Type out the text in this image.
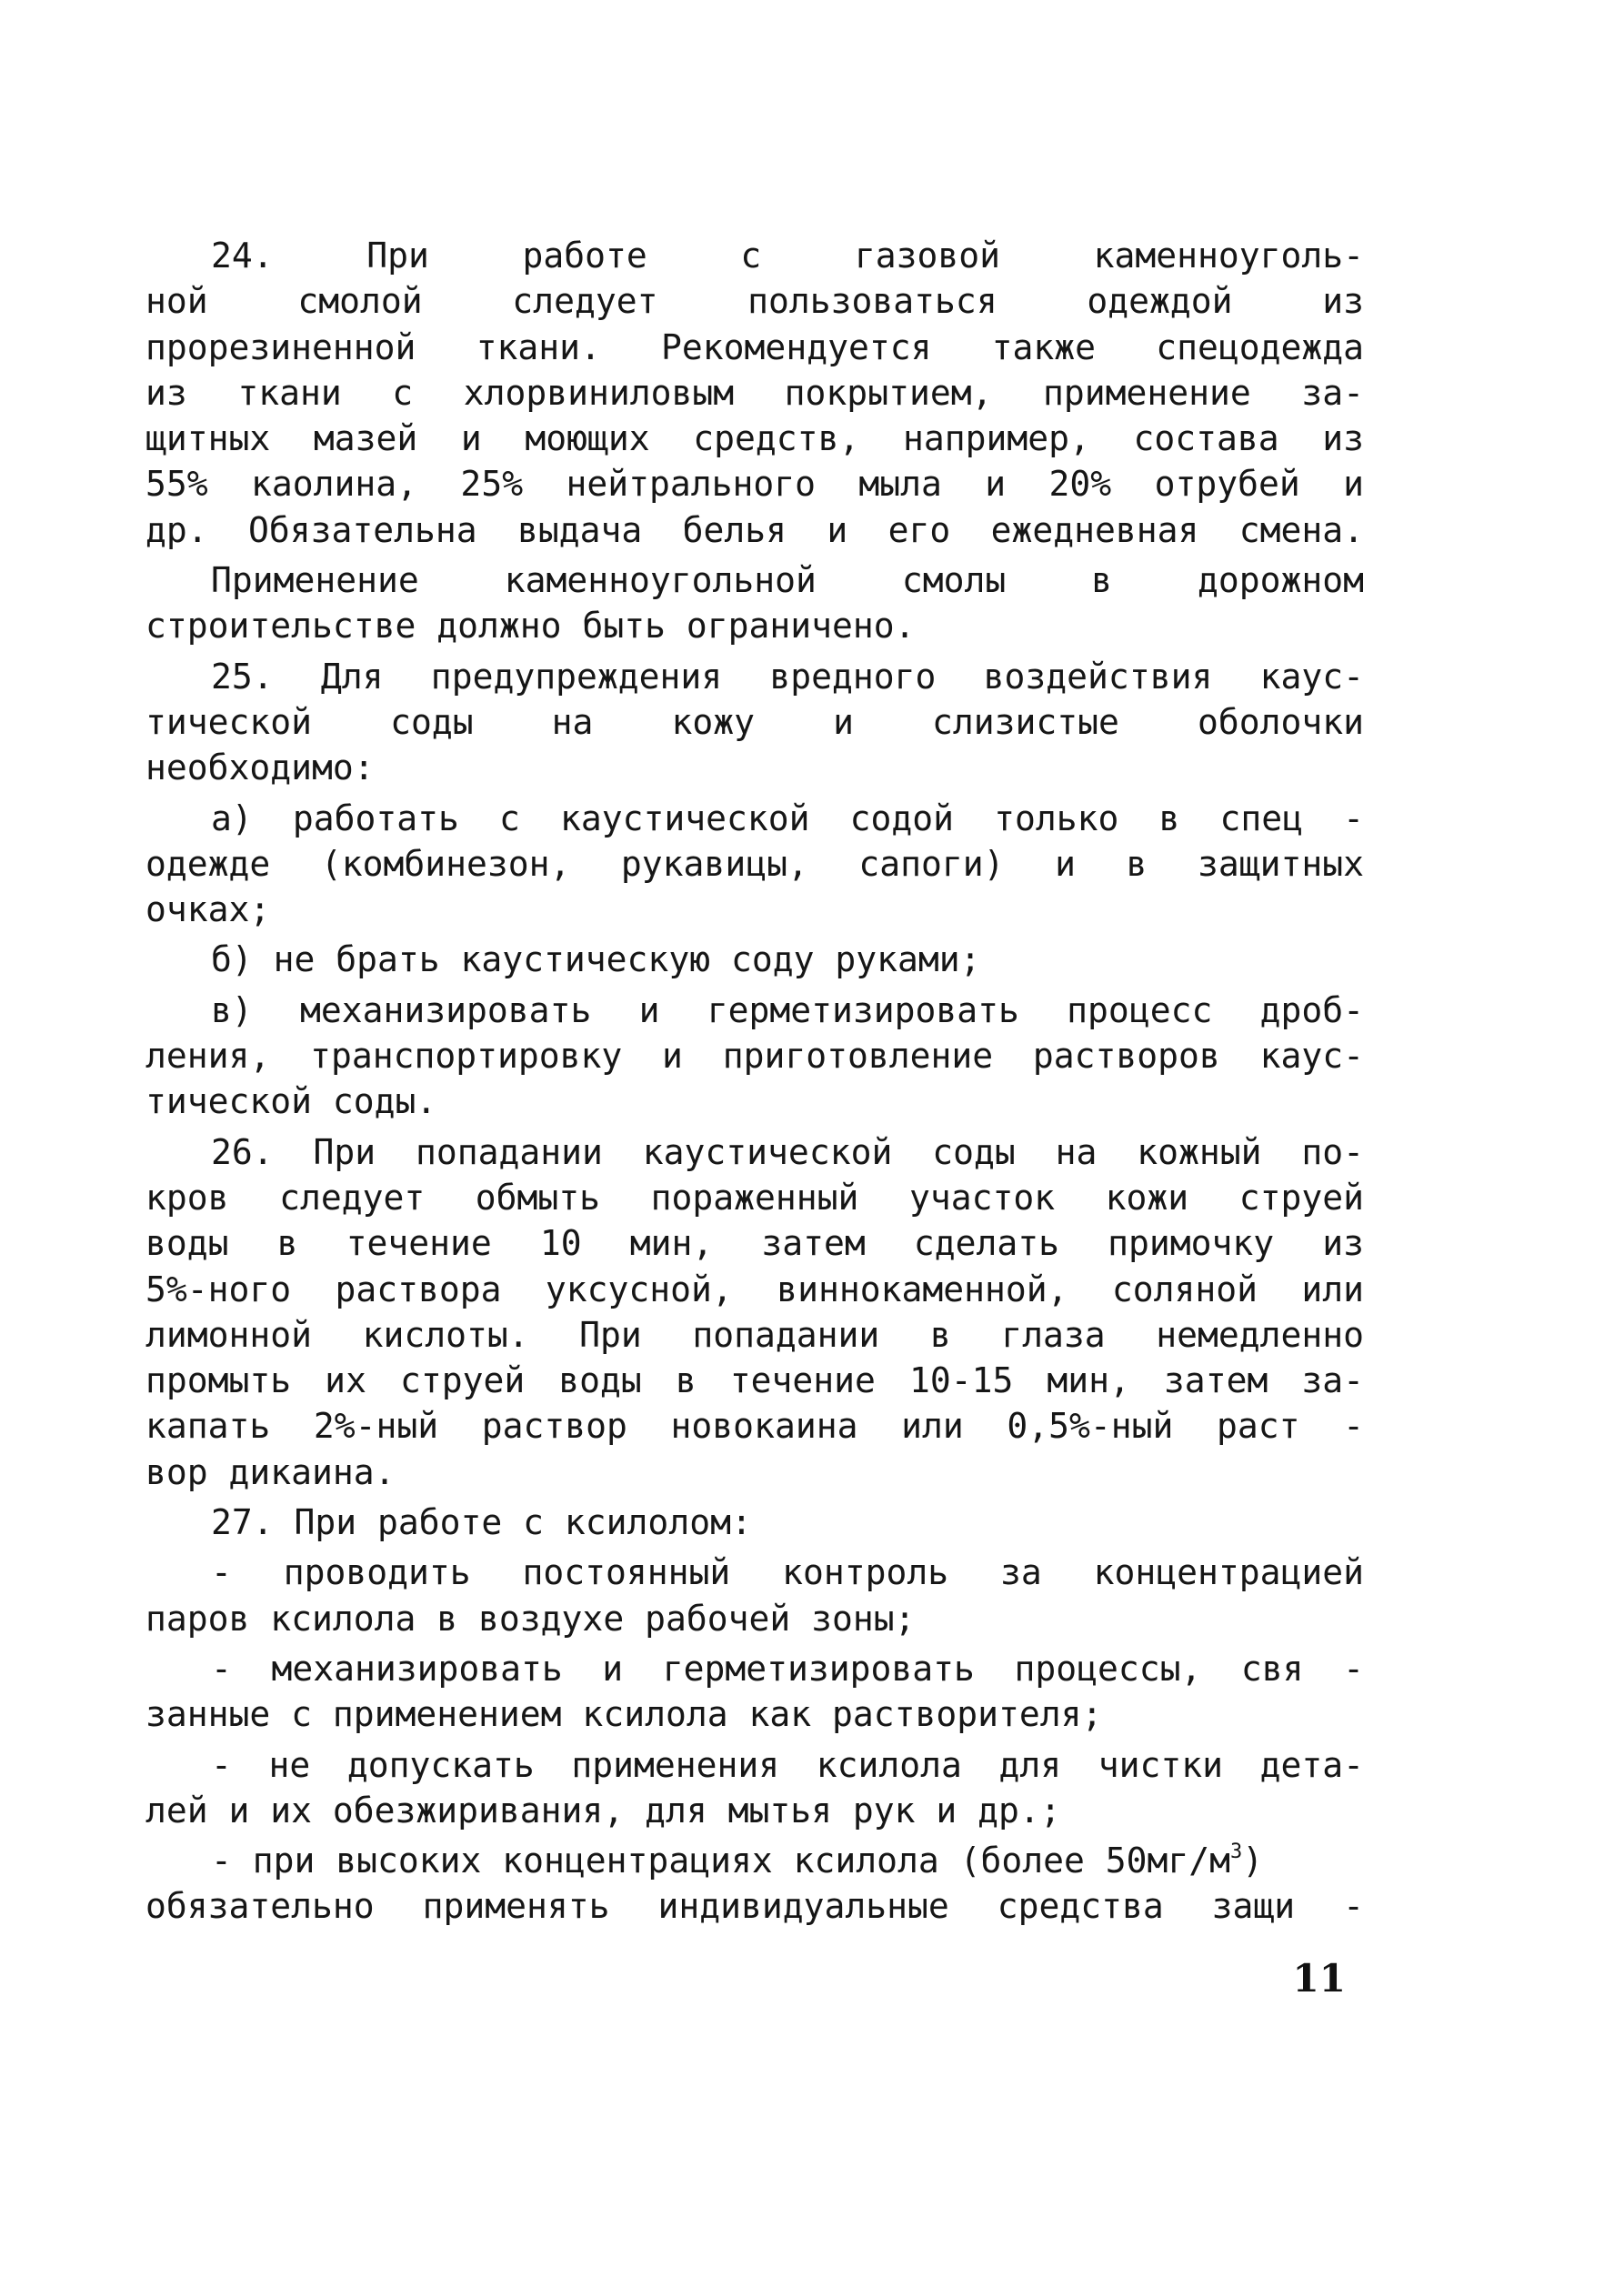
24. При работе с газовой каменноуголь-
ной смолой следует пользоваться одеждой из
прорезиненной ткани. Рекомендуется также спецодежда
из ткани с хлорвиниловым покрытием, применение за-
щитных мазей и моющих средств, например, состава из
55% каолина, 25% нейтрального мыла и 20% отрубей и
др. Обязательна выдача белья и его ежедневная смена.
Применение каменноугольной смолы в дорожном
строительстве должно быть ограничено.
25. Для предупреждения вредного воздействия каус-
тической соды на кожу и слизистые оболочки
необходимо:
а) работать с каустической содой только в спец -
одежде (комбинезон, рукавицы, сапоги) и в защитных
очках;
б) не брать каустическую соду руками;
в) механизировать и герметизировать процесс дроб-
ления, транспортировку и приготовление растворов каус-
тической соды.
26. При попадании каустической соды на кожный по-
кров следует обмыть пораженный участок кожи струей
воды в течение 10 мин, затем сделать примочку из
5%-ного раствора уксусной, виннокаменной, соляной или
лимонной кислоты. При попадании в глаза немедленно
промыть их струей воды в течение 10-15 мин, затем за-
капать 2%-ный раствор новокаина или 0,5%-ный раст -
вор дикаина.
27. При работе с ксилолом:
- проводить постоянный контроль за концентрацией
паров ксилола в воздухе рабочей зоны;
- механизировать и герметизировать процессы, свя -
занные с применением ксилола как растворителя;
- не допускать применения ксилола для чистки дета-
лей и их обезжиривания, для мытья рук и др.;
- при высоких концентрациях ксилола (более $50мг/м^3$)
обязательно применять индивидуальные средства защи -
11
